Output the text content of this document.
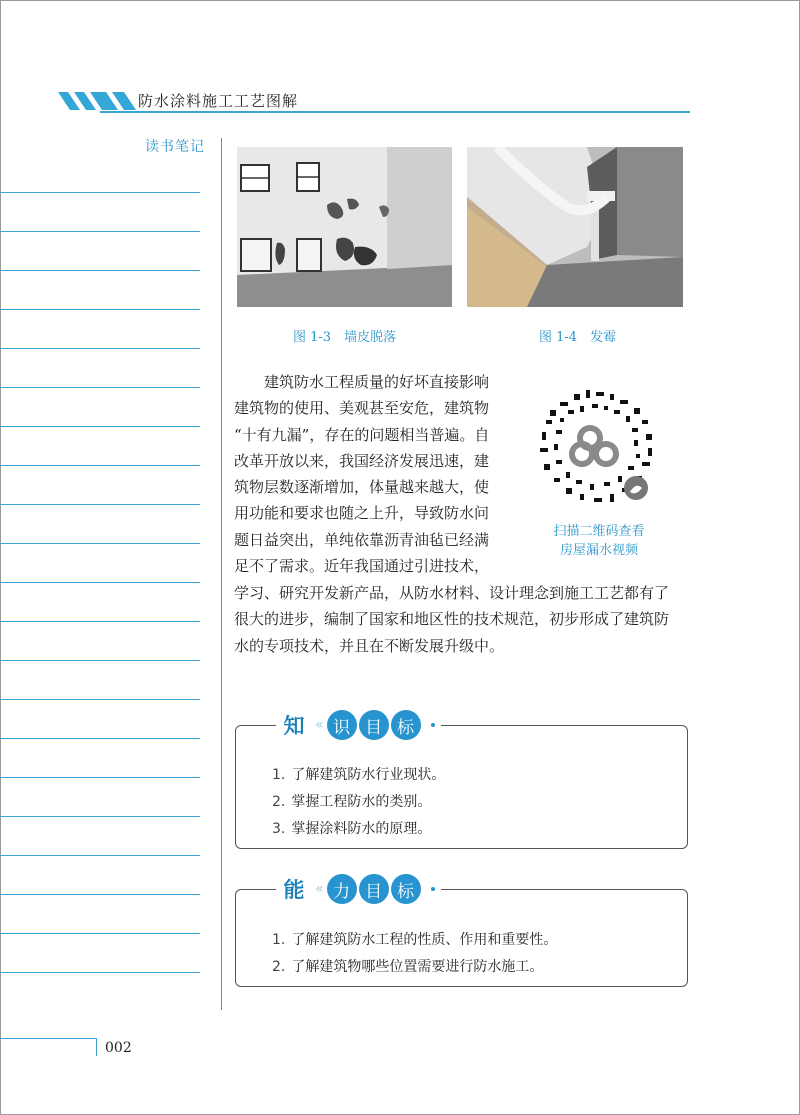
防水涂料施工工艺图解
读书笔记
图 1-3　墙皮脱落	图 1-4　发霉
　　建筑防水工程质量的好坏直接影响
建筑物的使用、美观甚至安危，建筑物
“十有九漏”，存在的问题相当普遍。自
改革开放以来，我国经济发展迅速，建
筑物层数逐渐增加，体量越来越大，使
用功能和要求也随之上升，导致防水问
题日益突出，单纯依靠沥青油毡已经满
足不了需求。近年我国通过引进技术，
学习、研究开发新产品，从防水材料、设计理念到施工工艺都有了
很大的进步，编制了国家和地区性的技术规范，初步形成了建筑防
水的专项技术，并且在不断发展升级中。
扫描二维码查看
房屋漏水视频
知 « 识 目 标
1. 了解建筑防水行业现状。
2. 掌握工程防水的类别。
3. 掌握涂料防水的原理。
能 « 力 目 标
1. 了解建筑防水工程的性质、作用和重要性。
2. 了解建筑物哪些位置需要进行防水施工。
002
